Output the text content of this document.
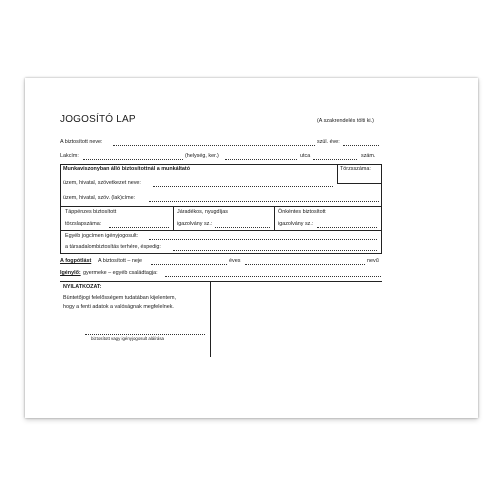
JOGOSÍTÓ LAP	(A szakrendelés tölti ki.)
A biztosított neve:	szül. éve:
Lakcím:	(helység, ker.)	utca	szám.
Munkaviszonyban álló biztosítottnál a munkáltató	Törzsszáma:
üzem, hivatal, szövetkezet neve:
üzem, hivatal, szöv. (lak)címe:
Táppénzes biztosított
törzslapszáma:
Járadékos, nyugdíjas
igazolvány sz.:
Önkéntes biztosított
igazolvány sz.:
Egyéb jogcímen igényjogosult:
a társadalombiztosítás terhére, éspedig:
A fogpótlást A biztosított – neje	éves	nevű
Igénylő: gyermeke – egyéb családtagja:
NYILATKOZAT:
Büntetőjogi felelősségem tudatában kijelentem,
hogy a fenti adatok a valóságnak megfelelnek.
biztosított vagy igényjogosult aláírása
